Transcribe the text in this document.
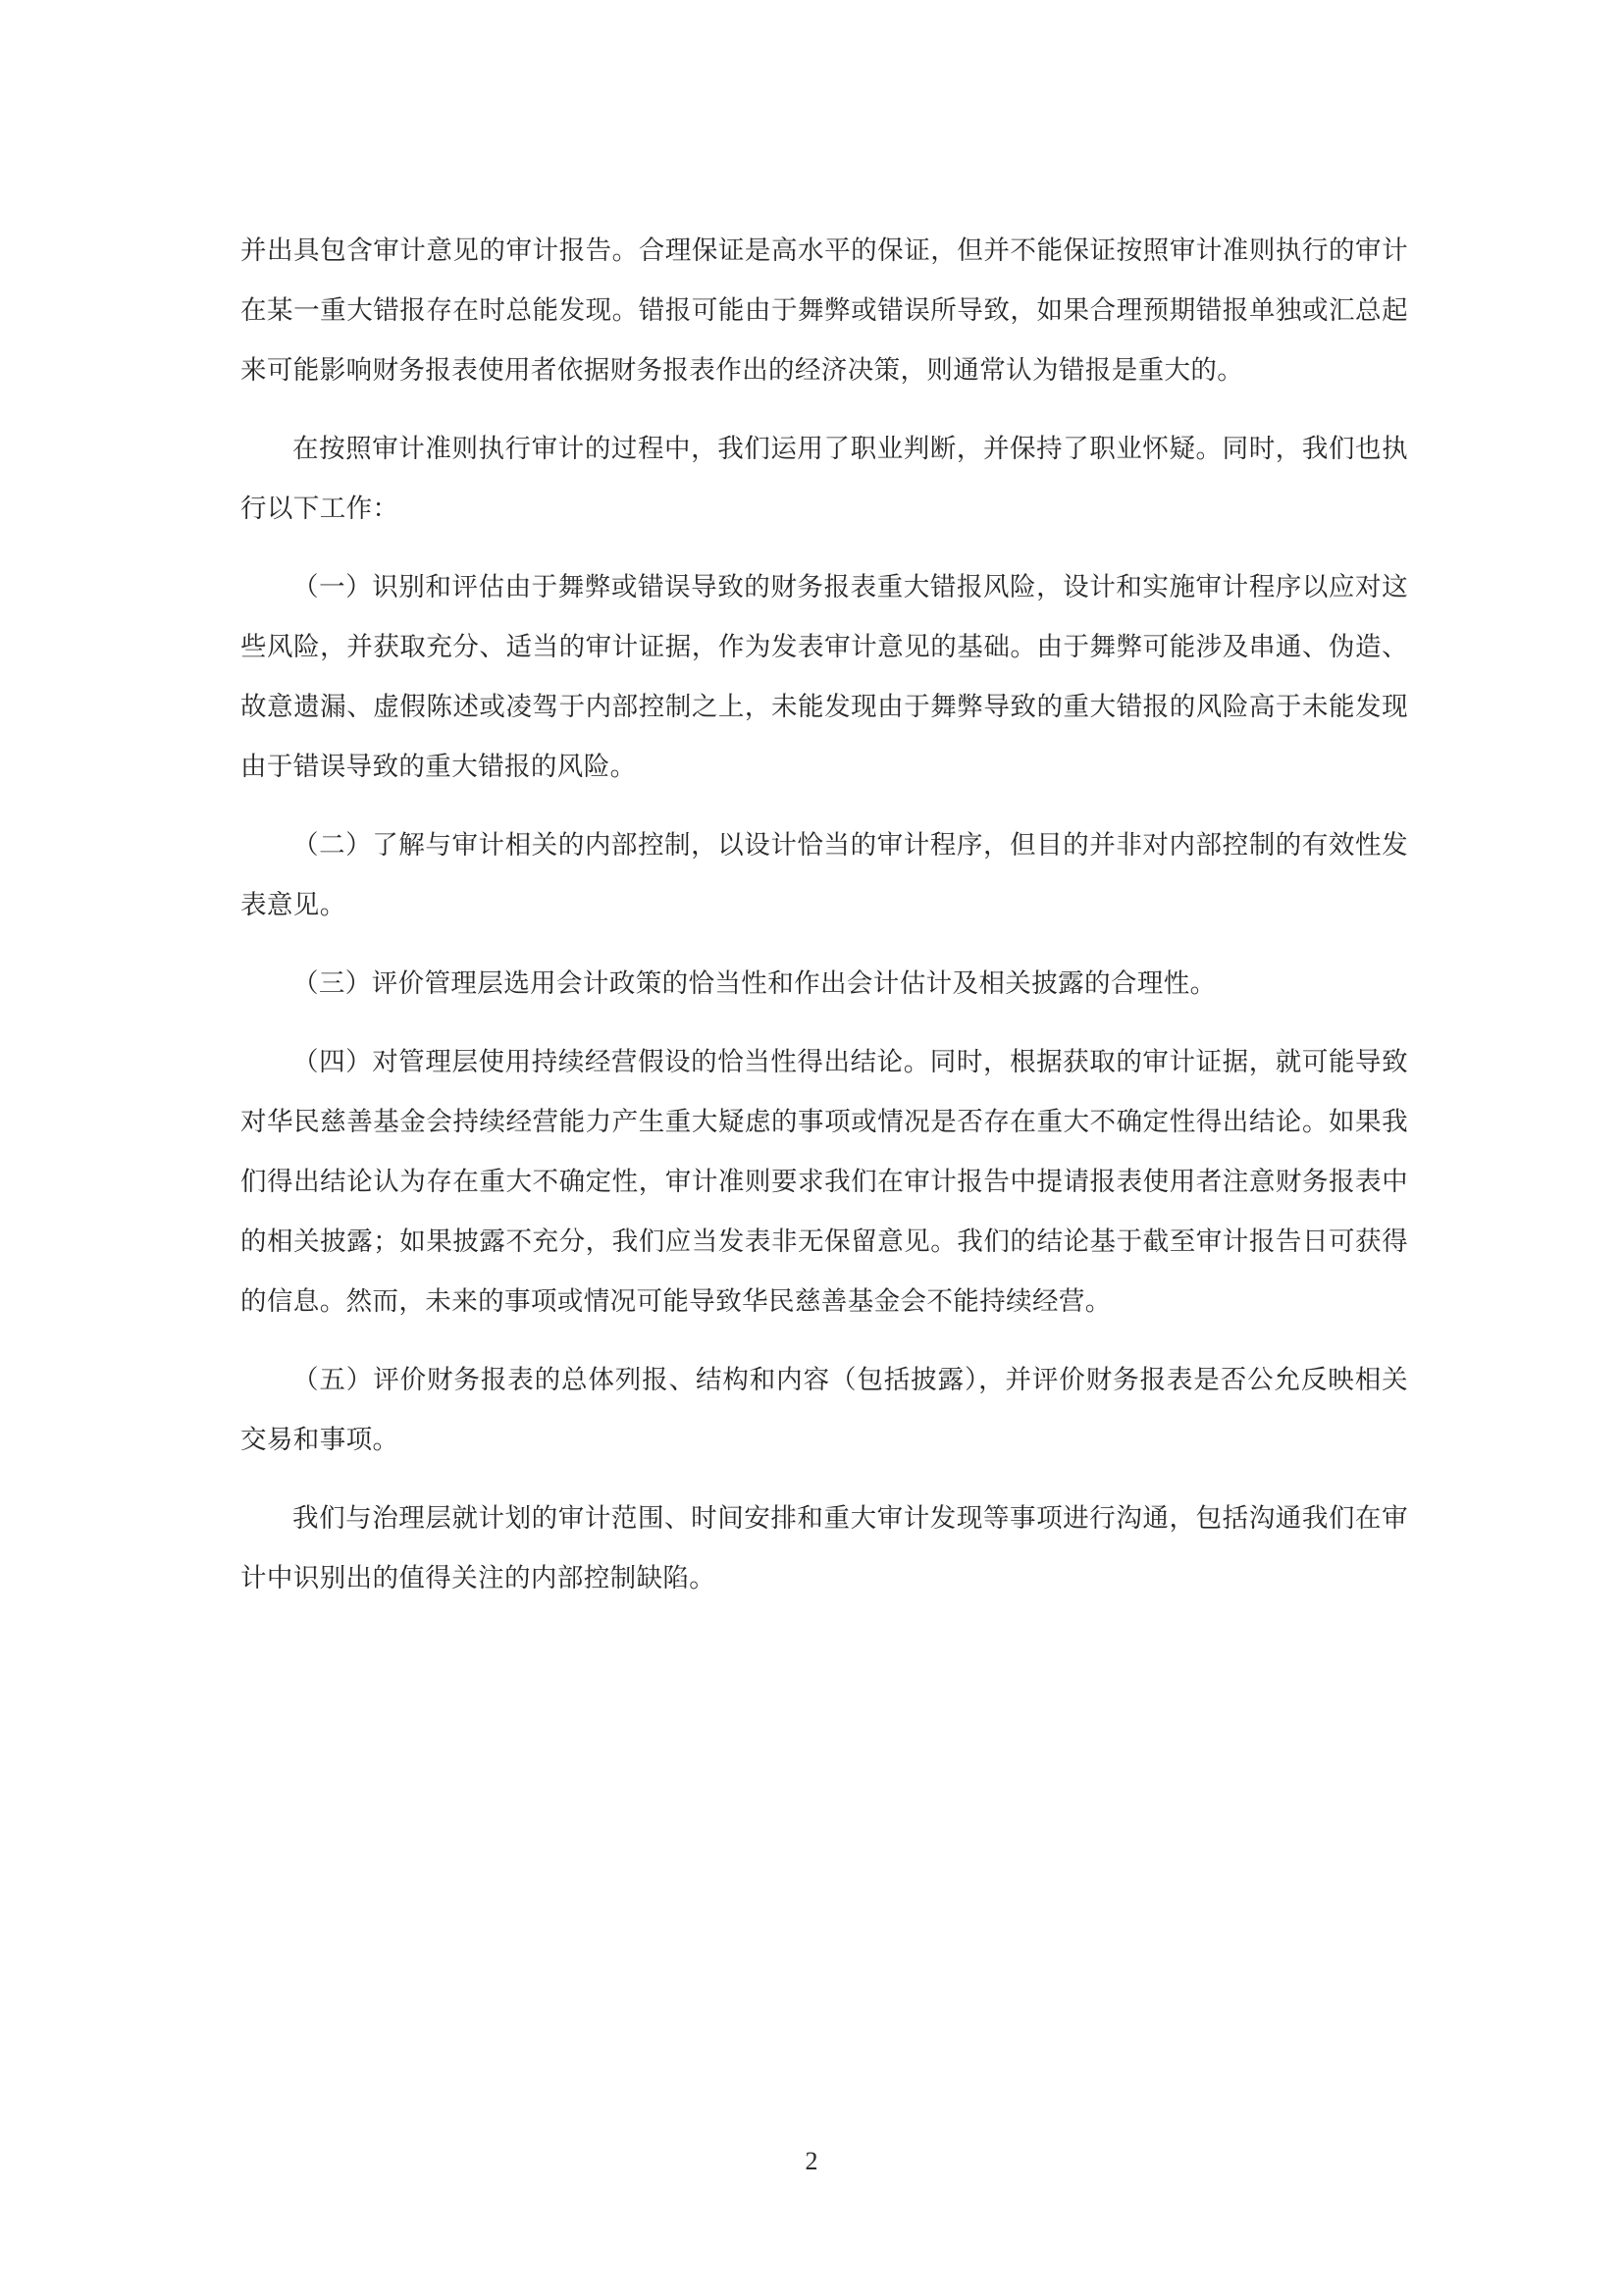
并出具包含审计意见的审计报告。合理保证是高水平的保证，但并不能保证按照审计准则执行的审计在某一重大错报存在时总能发现。错报可能由于舞弊或错误所导致，如果合理预期错报单独或汇总起来可能影响财务报表使用者依据财务报表作出的经济决策，则通常认为错报是重大的。

在按照审计准则执行审计的过程中，我们运用了职业判断，并保持了职业怀疑。同时，我们也执行以下工作：

（一）识别和评估由于舞弊或错误导致的财务报表重大错报风险，设计和实施审计程序以应对这些风险，并获取充分、适当的审计证据，作为发表审计意见的基础。由于舞弊可能涉及串通、伪造、故意遗漏、虚假陈述或凌驾于内部控制之上，未能发现由于舞弊导致的重大错报的风险高于未能发现由于错误导致的重大错报的风险。

（二）了解与审计相关的内部控制，以设计恰当的审计程序，但目的并非对内部控制的有效性发表意见。

（三）评价管理层选用会计政策的恰当性和作出会计估计及相关披露的合理性。

（四）对管理层使用持续经营假设的恰当性得出结论。同时，根据获取的审计证据，就可能导致对华民慈善基金会持续经营能力产生重大疑虑的事项或情况是否存在重大不确定性得出结论。如果我们得出结论认为存在重大不确定性，审计准则要求我们在审计报告中提请报表使用者注意财务报表中的相关披露；如果披露不充分，我们应当发表非无保留意见。我们的结论基于截至审计报告日可获得的信息。然而，未来的事项或情况可能导致华民慈善基金会不能持续经营。

（五）评价财务报表的总体列报、结构和内容（包括披露），并评价财务报表是否公允反映相关交易和事项。

我们与治理层就计划的审计范围、时间安排和重大审计发现等事项进行沟通，包括沟通我们在审计中识别出的值得关注的内部控制缺陷。

2
